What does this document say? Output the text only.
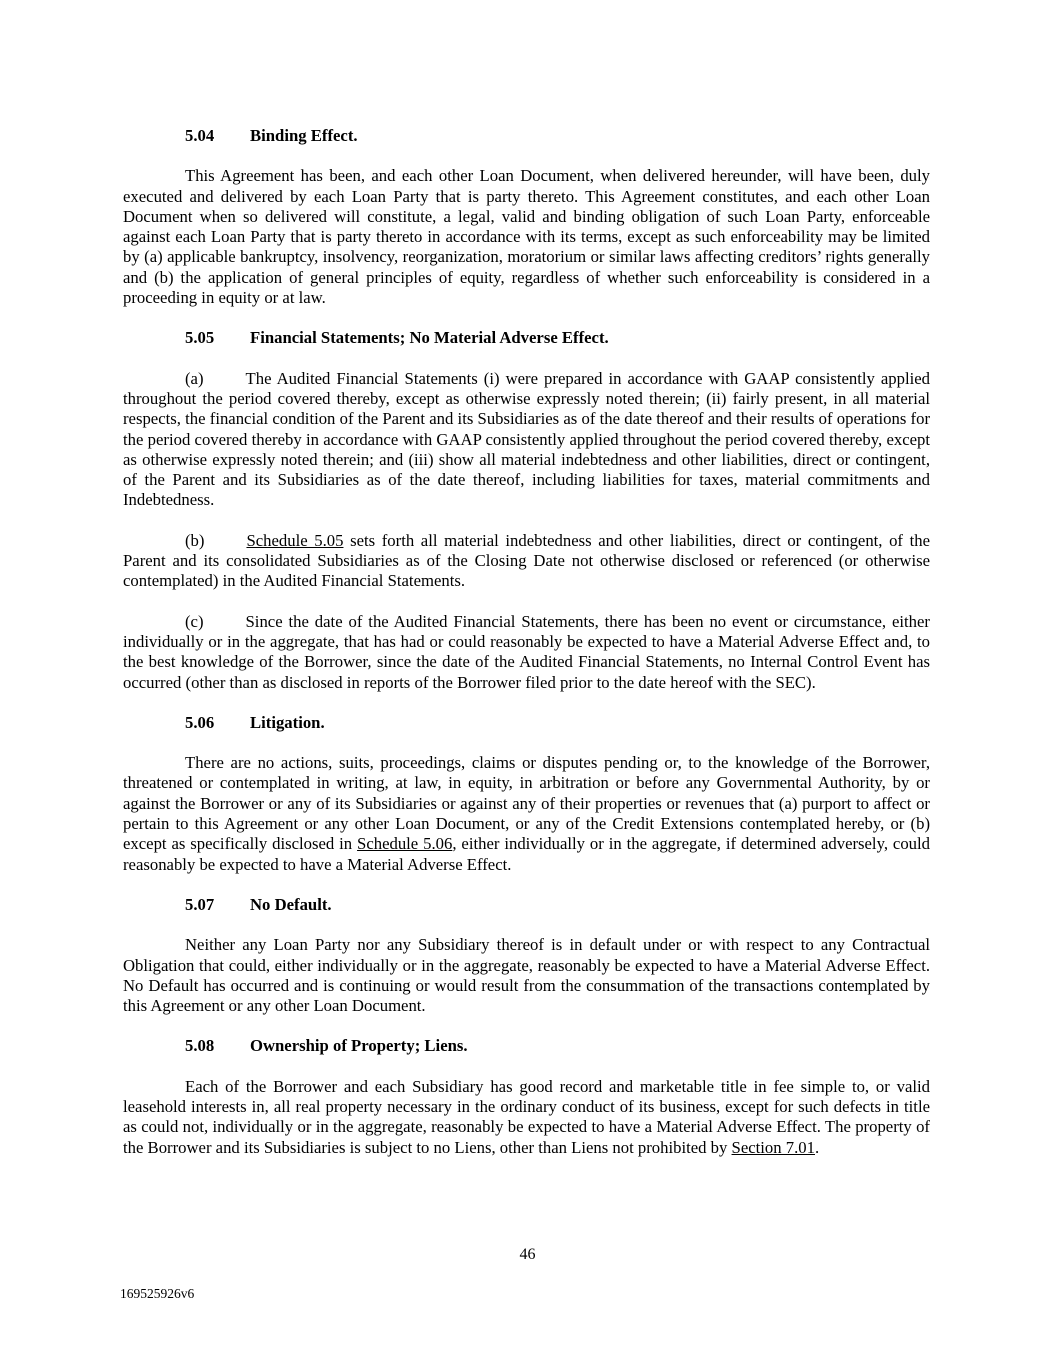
5.04 Binding Effect.

This Agreement has been, and each other Loan Document, when delivered hereunder, will have been, duly executed and delivered by each Loan Party that is party thereto. This Agreement constitutes, and each other Loan Document when so delivered will constitute, a legal, valid and binding obligation of such Loan Party, enforceable against each Loan Party that is party thereto in accordance with its terms, except as such enforceability may be limited by (a) applicable bankruptcy, insolvency, reorganization, moratorium or similar laws affecting creditors’ rights generally and (b) the application of general principles of equity, regardless of whether such enforceability is considered in a proceeding in equity or at law.

5.05 Financial Statements; No Material Adverse Effect.

(a)	The Audited Financial Statements (i) were prepared in accordance with GAAP consistently applied throughout the period covered thereby, except as otherwise expressly noted therein; (ii) fairly present, in all material respects, the financial condition of the Parent and its Subsidiaries as of the date thereof and their results of operations for the period covered thereby in accordance with GAAP consistently applied throughout the period covered thereby, except as otherwise expressly noted therein; and (iii) show all material indebtedness and other liabilities, direct or contingent, of the Parent and its Subsidiaries as of the date thereof, including liabilities for taxes, material commitments and Indebtedness.

(b)	Schedule 5.05 sets forth all material indebtedness and other liabilities, direct or contingent, of the Parent and its consolidated Subsidiaries as of the Closing Date not otherwise disclosed or referenced (or otherwise contemplated) in the Audited Financial Statements.

(c)	Since the date of the Audited Financial Statements, there has been no event or circumstance, either individually or in the aggregate, that has had or could reasonably be expected to have a Material Adverse Effect and, to the best knowledge of the Borrower, since the date of the Audited Financial Statements, no Internal Control Event has occurred (other than as disclosed in reports of the Borrower filed prior to the date hereof with the SEC).

5.06 Litigation.

There are no actions, suits, proceedings, claims or disputes pending or, to the knowledge of the Borrower, threatened or contemplated in writing, at law, in equity, in arbitration or before any Governmental Authority, by or against the Borrower or any of its Subsidiaries or against any of their properties or revenues that (a) purport to affect or pertain to this Agreement or any other Loan Document, or any of the Credit Extensions contemplated hereby, or (b) except as specifically disclosed in Schedule 5.06, either individually or in the aggregate, if determined adversely, could reasonably be expected to have a Material Adverse Effect.

5.07 No Default.

Neither any Loan Party nor any Subsidiary thereof is in default under or with respect to any Contractual Obligation that could, either individually or in the aggregate, reasonably be expected to have a Material Adverse Effect. No Default has occurred and is continuing or would result from the consummation of the transactions contemplated by this Agreement or any other Loan Document.

5.08 Ownership of Property; Liens.

Each of the Borrower and each Subsidiary has good record and marketable title in fee simple to, or valid leasehold interests in, all real property necessary in the ordinary conduct of its business, except for such defects in title as could not, individually or in the aggregate, reasonably be expected to have a Material Adverse Effect. The property of the Borrower and its Subsidiaries is subject to no Liens, other than Liens not prohibited by Section 7.01.

46
169525926v6
